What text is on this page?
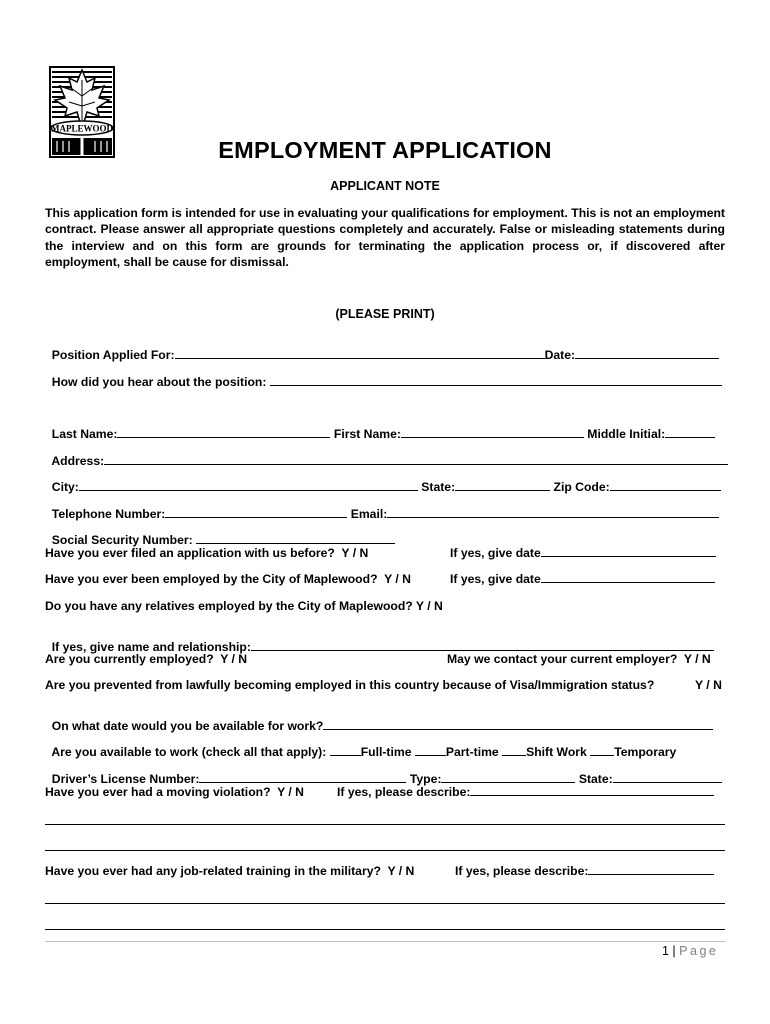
MAPLEWOOD
EMPLOYMENT APPLICATION
APPLICANT NOTE
This application form is intended for use in evaluating your qualifications for employment. This is not an employment contract. Please answer all appropriate questions completely and accurately. False or misleading statements during the interview and on this form are grounds for terminating the application process or, if discovered after employment, shall be cause for dismissal.
(PLEASE PRINT)

Position Applied For:	Date:

How did you hear about the position:

Last Name:	First Name:	Middle Initial:

Address:

City:	State:	Zip Code:

Telephone Number:	Email:

Social Security Number:

Have you ever filed an application with us before?  Y / N	If yes, give date
Have you ever been employed by the City of Maplewood?  Y / N	If yes, give date
Do you have any relatives employed by the City of Maplewood? Y / N

If yes, give name and relationship:

Are you currently employed?  Y / N	May we contact your current employer?  Y / N
Are you prevented from lawfully becoming employed in this country because of Visa/Immigration status?	Y / N

On what date would you be available for work?

Are you available to work (check all that apply):	Full-time	Part-time Shift Work Temporary

Driver’s License Number:	Type:	State:

Have you ever had a moving violation?  Y / N	If yes, please describe:
Have you ever had any job-related training in the military?  Y / N	If yes, please describe:
1 | Page
